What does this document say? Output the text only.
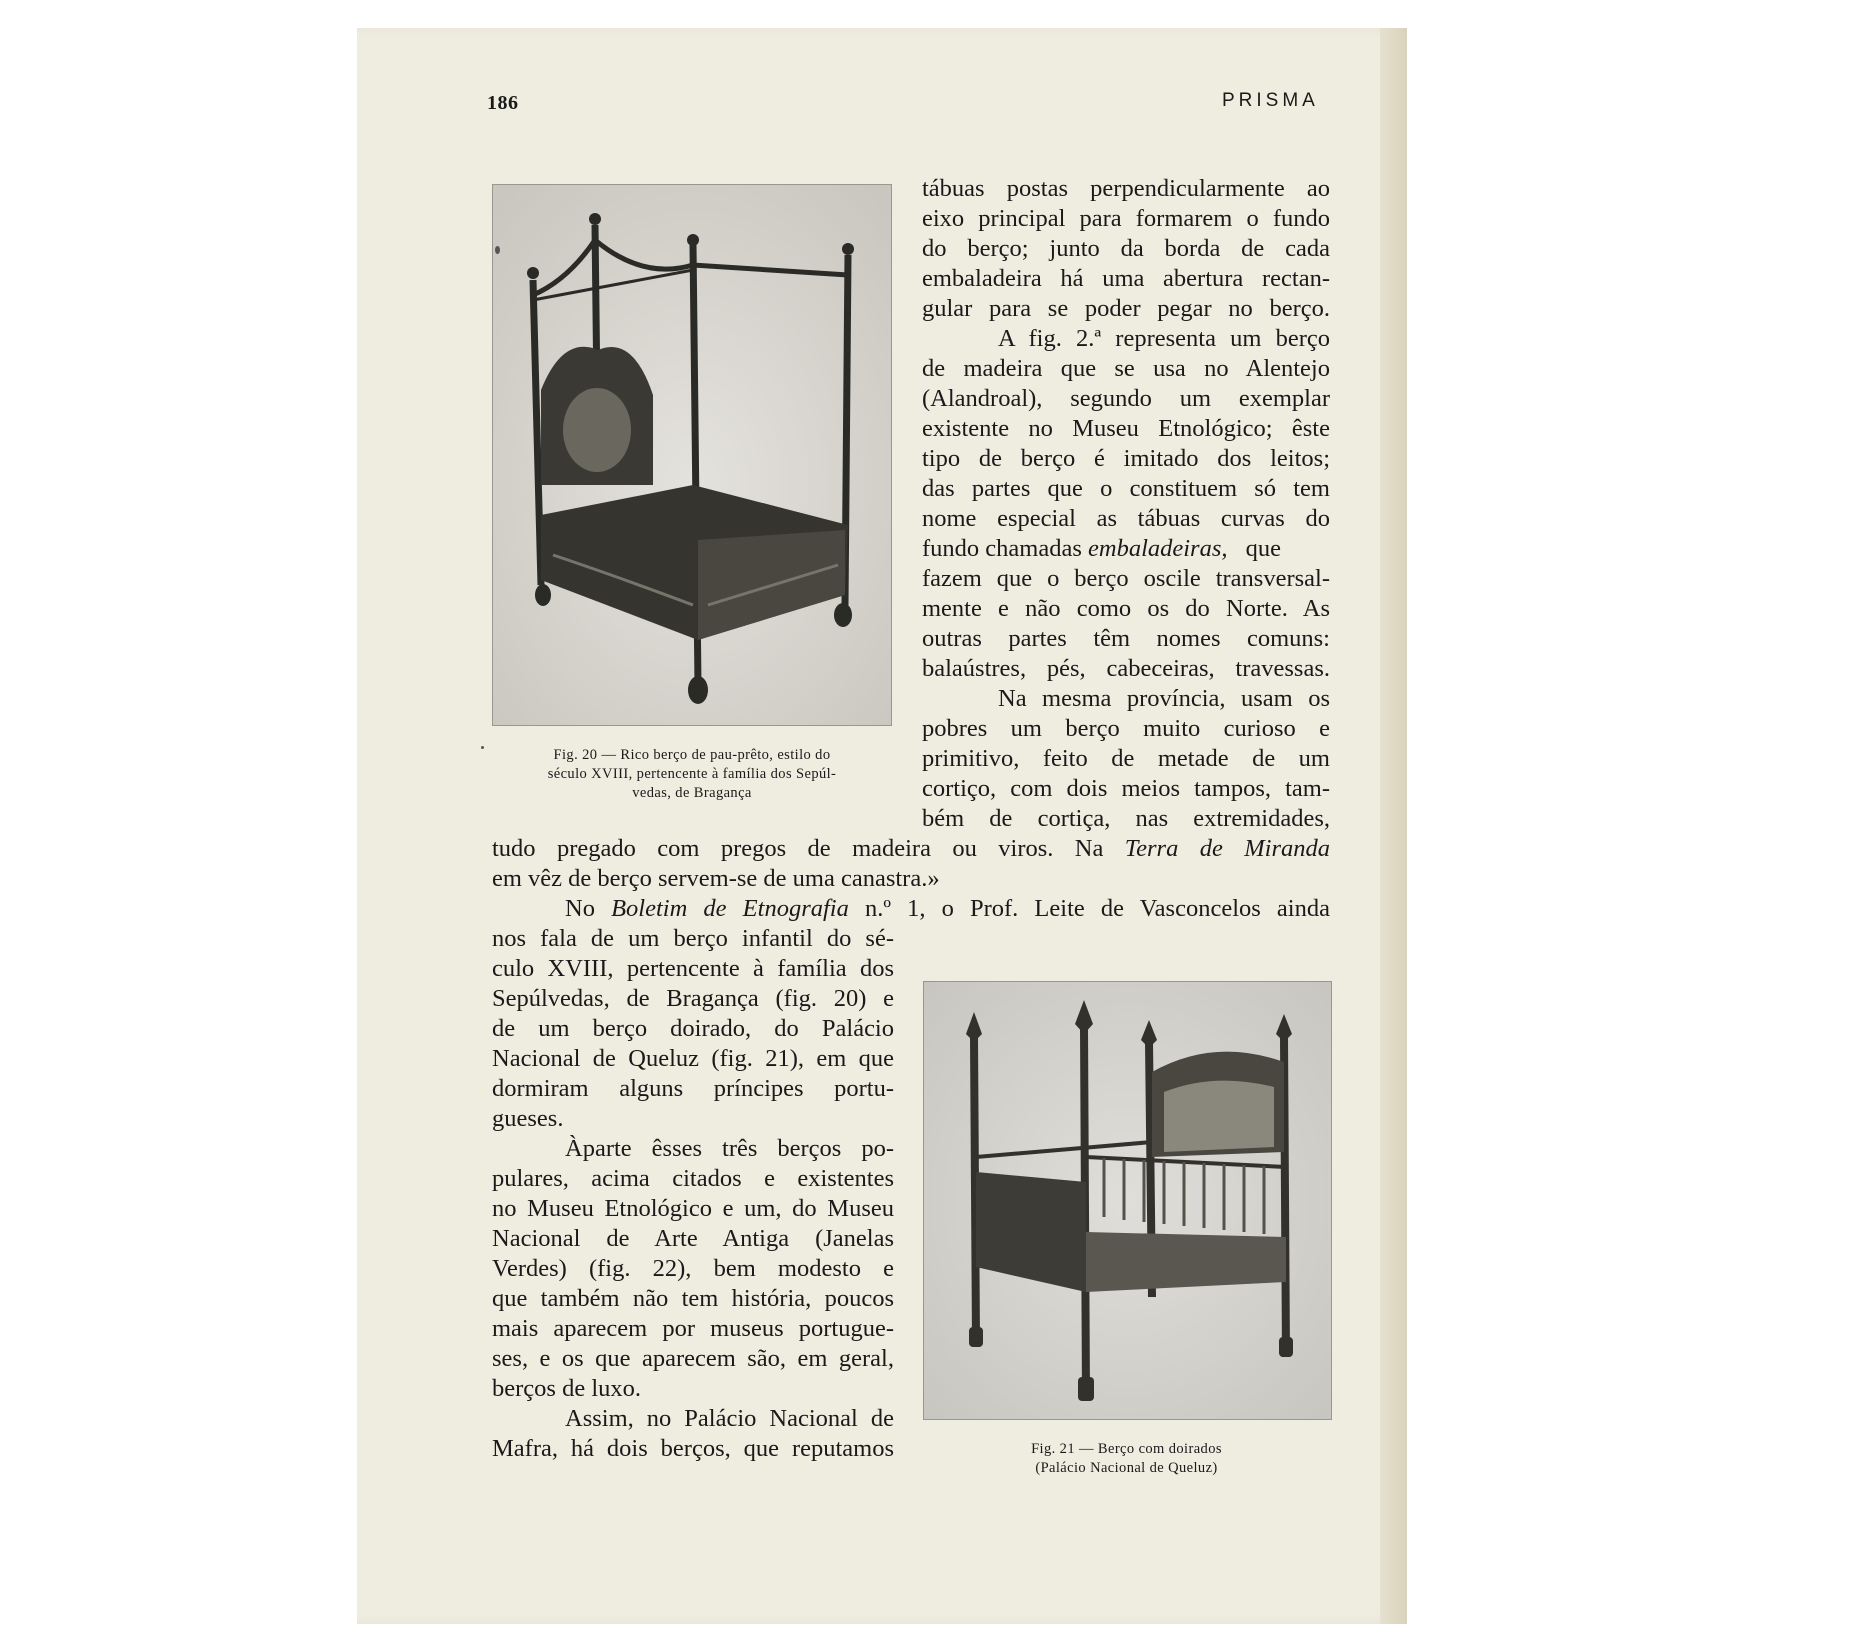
186	PRISMA
Fig. 20 — Rico berço de pau-prêto, estilo do
século XVIII, pertencente à família dos Sepúl-
vedas, de Bragança
tábuas postas perpendicularmente ao
eixo principal para formarem o fundo
do berço; junto da borda de cada
embaladeira há uma abertura rectan-
gular para se poder pegar no berço.
A fig. 2.ª representa um berço
de madeira que se usa no Alentejo
(Alandroal), segundo um exemplar
existente no Museu Etnológico; êste
tipo de berço é imitado dos leitos;
das partes que o constituem só tem
nome especial as tábuas curvas do
fundo chamadas embaladeiras, que
fazem que o berço oscile transversal-
mente e não como os do Norte. As
outras partes têm nomes comuns:
balaústres, pés, cabeceiras, travessas.
Na mesma província, usam os
pobres um berço muito curioso e
primitivo, feito de metade de um
cortiço, com dois meios tampos, tam-
bém de cortiça, nas extremidades,
tudo pregado com pregos de madeira ou viros. Na Terra de Miranda
em vêz de berço servem-se de uma canastra.»
No Boletim de Etnografia n.º 1, o Prof. Leite de Vasconcelos ainda
nos fala de um berço infantil do sé-
culo XVIII, pertencente à família dos
Sepúlvedas, de Bragança (fig. 20) e
de um berço doirado, do Palácio
Nacional de Queluz (fig. 21), em que
dormiram alguns príncipes portu-
gueses.
Àparte êsses três berços po-
pulares, acima citados e existentes
no Museu Etnológico e um, do Museu
Nacional de Arte Antiga (Janelas
Verdes) (fig. 22), bem modesto e
que também não tem história, poucos
mais aparecem por museus portugue-
ses, e os que aparecem são, em geral,
berços de luxo.
Assim, no Palácio Nacional de
Mafra, há dois berços, que reputamos	Fig. 21 — Berço com doirados
(Palácio Nacional de Queluz)
